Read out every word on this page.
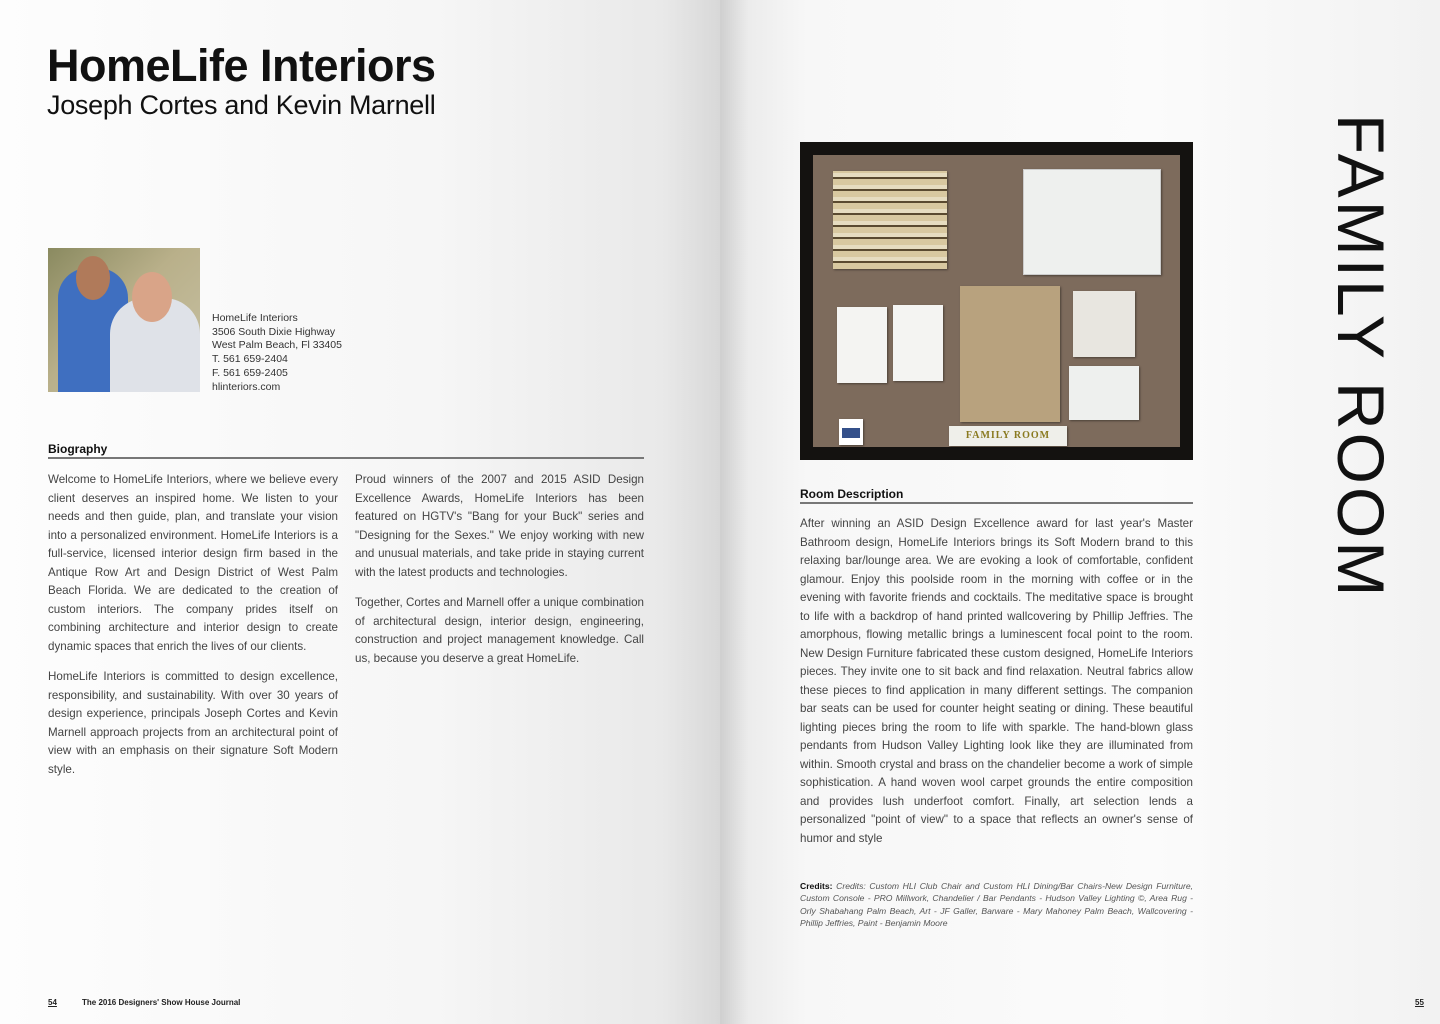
HomeLife Interiors
Joseph Cortes and Kevin Marnell
HomeLife Interiors
3506 South Dixie Highway
West Palm Beach, Fl 33405
T. 561 659-2404
F. 561 659-2405
hlinteriors.com
Biography

Welcome to HomeLife Interiors, where we believe every client deserves an inspired home. We listen to your needs and then guide, plan, and translate your vision into a personalized environment. HomeLife Interiors is a full-service, licensed interior design firm based in the Antique Row Art and Design District of West Palm Beach Florida. We are dedicated to the creation of custom interiors. The company prides itself on combining architecture and interior design to create dynamic spaces that enrich the lives of our clients.

HomeLife Interiors is committed to design excellence, responsibility, and sustainability. With over 30 years of design experience, principals Joseph Cortes and Kevin Marnell approach projects from an architectural point of view with an emphasis on their signature Soft Modern style.

Proud winners of the 2007 and 2015 ASID Design Excellence Awards, HomeLife Interiors has been featured on HGTV's "Bang for your Buck" series and "Designing for the Sexes." We enjoy working with new and unusual materials, and take pride in staying current with the latest products and technologies.

Together, Cortes and Marnell offer a unique combination of architectural design, interior design, engineering, construction and project management knowledge. Call us, because you deserve a great HomeLife.

54	The 2016 Designers' Show House Journal
FAMILY ROOM	FAMILY ROOM
Room Description

After winning an ASID Design Excellence award for last year's Master Bathroom design, HomeLife Interiors brings its Soft Modern brand to this relaxing bar/lounge area. We are evoking a look of comfortable, confident glamour. Enjoy this poolside room in the morning with coffee or in the evening with favorite friends and cocktails. The meditative space is brought to life with a backdrop of hand printed wallcovering by Phillip Jeffries. The amorphous, flowing metallic brings a luminescent focal point to the room. New Design Furniture fabricated these custom designed, HomeLife Interiors pieces. They invite one to sit back and find relaxation. Neutral fabrics allow these pieces to find application in many different settings. The companion bar seats can be used for counter height seating or dining. These beautiful lighting pieces bring the room to life with sparkle. The hand-blown glass pendants from Hudson Valley Lighting look like they are illuminated from within. Smooth crystal and brass on the chandelier become a work of simple sophistication. A hand woven wool carpet grounds the entire composition and provides lush underfoot comfort. Finally, art selection lends a personalized "point of view" to a space that reflects an owner's sense of humor and style

Credits: Credits: Custom HLI Club Chair and Custom HLI Dining/Bar Chairs-New Design Furniture, Custom Console - PRO Millwork, Chandelier / Bar Pendants - Hudson Valley Lighting ©, Area Rug - Orly Shabahang Palm Beach, Art - JF Galler, Barware - Mary Mahoney Palm Beach, Wallcovering - Phillip Jeffries, Paint - Benjamin Moore
55
